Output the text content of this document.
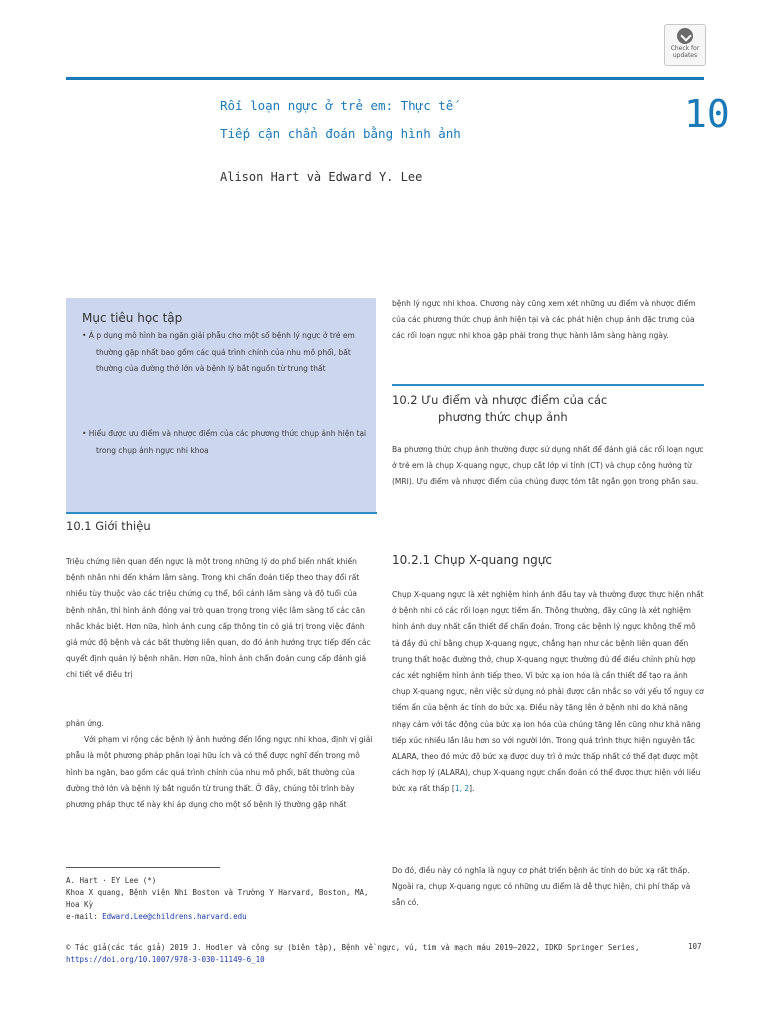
Check for
updates
Rối loạn ngực ở trẻ em: Thực tế
Tiếp cận chẩn đoán bằng hình ảnh	10
Alison Hart và Edward Y. Lee
Mục tiêu học tập
• Á p dụng mô hình ba ngăn giải phẫu cho một số bệnh lý ngực ở trẻ em thường gặp nhất bao gồm các quá trình chính của nhu mô phổi, bất thường của đường thở lớn và bệnh lý bắt nguồn từ trung thất
• Hiểu được ưu điểm và nhược điểm của các phương thức chụp ảnh hiện tại trong chụp ảnh ngực nhi khoa
10.1 Giới thiệu

Triệu chứng liên quan đến ngực là một trong những lý do phổ biến nhất khiến bệnh nhân nhi đến khám lâm sàng. Trong khi chẩn đoán tiếp theo thay đổi rất nhiều tùy thuộc vào các triệu chứng cụ thể, bối cảnh lâm sàng và độ tuổi của bệnh nhân, thì hình ảnh đóng vai trò quan trọng trong việc lâm sàng tố các căn nhắc khác biệt. Hơn nữa, hình ảnh cung cấp thông tin có giá trị trong việc đánh giá mức độ bệnh và các bất thường liên quan, do đó ảnh hưởng trực tiếp đến các quyết định quản lý bệnh nhân. Hơn nữa, hình ảnh chẩn đoán cung cấp đánh giá chi tiết về điều trị

phản ứng.

Với phạm vi rộng các bệnh lý ảnh hưởng đến lồng ngực nhi khoa, định vị giải phẫu là một phương pháp phân loại hữu ích và có thể được nghĩ đến trong mô hình ba ngăn, bao gồm các quá trình chính của nhu mô phổi, bất thường của đường thở lớn và bệnh lý bắt nguồn từ trung thất. Ở đây, chúng tôi trình bày phương pháp thực tế này khi áp dụng cho một số bệnh lý thường gặp nhất

bệnh lý ngực nhi khoa. Chương này cũng xem xét những ưu điểm và nhược điểm của các phương thức chụp ảnh hiện tại và các phát hiện chụp ảnh đặc trưng của các rối loạn ngực nhi khoa gặp phải trong thực hành lâm sàng hàng ngày.

10.2 Ưu điểm và nhược điểm của các
phương thức chụp ảnh

Ba phương thức chụp ảnh thường được sử dụng nhất để đánh giá các rối loạn ngực ở trẻ em là chụp X-quang ngực, chụp cắt lớp vi tính (CT) và chụp cộng hưởng từ (MRI). Ưu điểm và nhược điểm của chúng được tóm tắt ngắn gọn trong phần sau.

10.2.1 Chụp X-quang ngực

Chụp X-quang ngực là xét nghiệm hình ảnh đầu tay và thường được thực hiện nhất ở bệnh nhi có các rối loạn ngực tiềm ẩn. Thông thường, đây cũng là xét nghiệm hình ảnh duy nhất cần thiết để chẩn đoán. Trong các bệnh lý ngực không thể mô tả đầy đủ chỉ bằng chụp X-quang ngực, chẳng hạn như các bệnh liên quan đến trung thất hoặc đường thở, chụp X-quang ngực thường đủ để điều chỉnh phù hợp các xét nghiệm hình ảnh tiếp theo. Vì bức xạ ion hóa là cần thiết để tạo ra ảnh chụp X-quang ngực, nên việc sử dụng nó phải được cân nhắc so với yếu tố nguy cơ tiềm ẩn của bệnh ác tính do bức xạ. Điều này tăng lên ở bệnh nhi do khả năng nhạy cảm với tác động của bức xạ ion hóa của chúng tăng lên cũng như khả năng tiếp xúc nhiều lần lâu hơn so với người lớn. Trong quá trình thực hiện nguyên tắc ALARA, theo đó mức độ bức xạ được duy trì ở mức thấp nhất có thể đạt được một cách hợp lý (ALARA), chụp X-quang ngực chẩn đoán có thể được thực hiện với liều bức xạ rất thấp [1, 2].

Do đó, điều này có nghĩa là nguy cơ phát triển bệnh ác tính do bức xạ rất thấp. Ngoài ra, chụp X-quang ngực có những ưu điểm là dễ thực hiện, chi phí thấp và sẵn có.

A. Hart · EY Lee (*)
Khoa X quang, Bệnh viện Nhi Boston và Trường Y Harvard, Boston, MA, Hoa Kỳ
e-mail: Edward.Lee@childrens.harvard.edu
107
© Tác giả(các tác giả) 2019 J. Hodler và cộng sự (biên tập), Bệnh về ngực, vú, tim và mạch máu 2019–2022, IDKD Springer Series, https://doi.org/10.1007/978-3-030-11149-6_10
